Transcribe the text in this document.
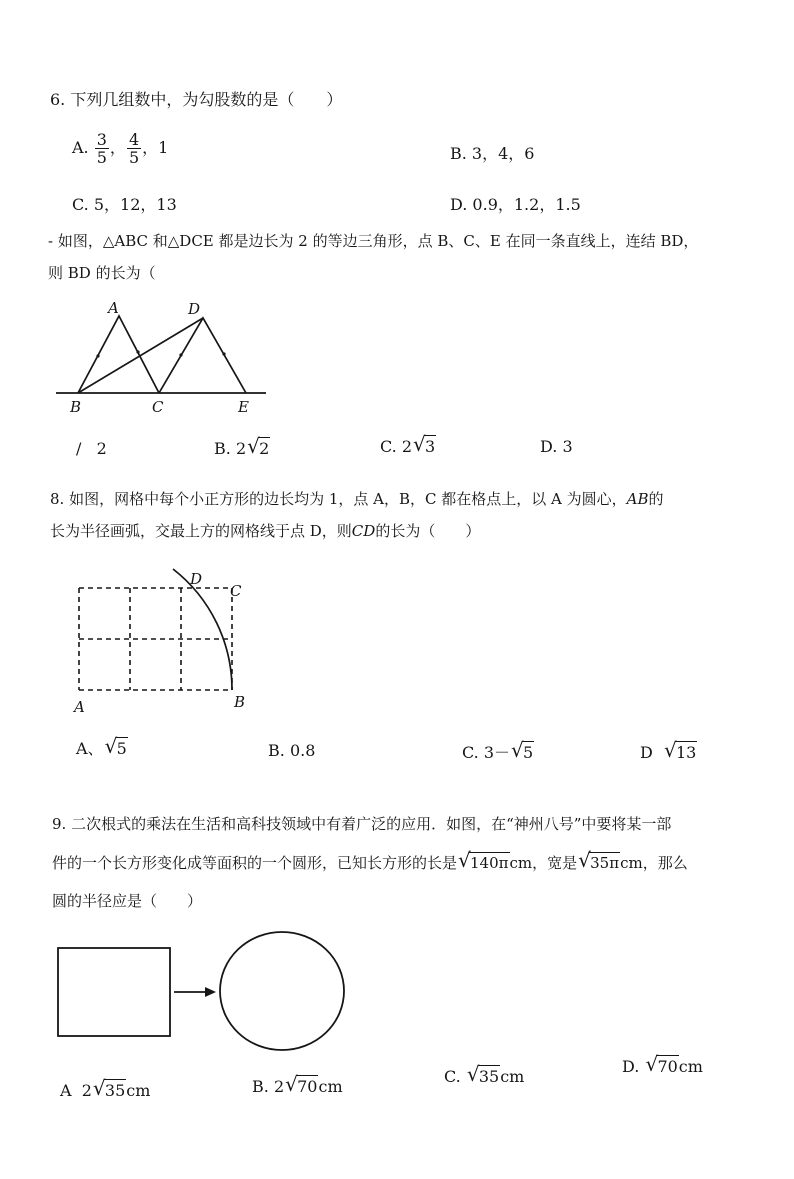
6. 下列几组数中，为勾股数的是（　　）
A. $\frac{3}{5}$ ， $\frac{4}{5}$ ，1	B. 3，4，6
C. 5，12，13	D. 0.9，1.2，1.5
‐ 如图，△ABC 和△DCE 都是边长为 2 的等边三角形，点 B、C、E 在同一条直线上，连结 BD，
则 BD 的长为（
A	D
B	C	E
/ 2	B. 2 √ 2	C. 2 √ 3	D. 3
8. 如图，网格中每个小正方形的边长均为 1，点 A，B，C 都在格点上，以 A 为圆心，AB的
长为半径画弧，交最上方的网格线于点 D，则CD的长为（　　）
D
C
A	B
A、 √ 5	B. 0.8	C. 3－ √ 5	D √ 13
9. 二次根式的乘法在生活和高科技领域中有着广泛的应用．如图，在“神州八号”中要将某一部
件的一个长方形变化成等面积的一个圆形，已知长方形的长是 √ 140πcm，宽是 √ 35πcm，那么
圆的半径应是（　　）
A 2 √ 35cm	B. 2 √ 70cm
C. √ 35cm
D. √ 70cm
